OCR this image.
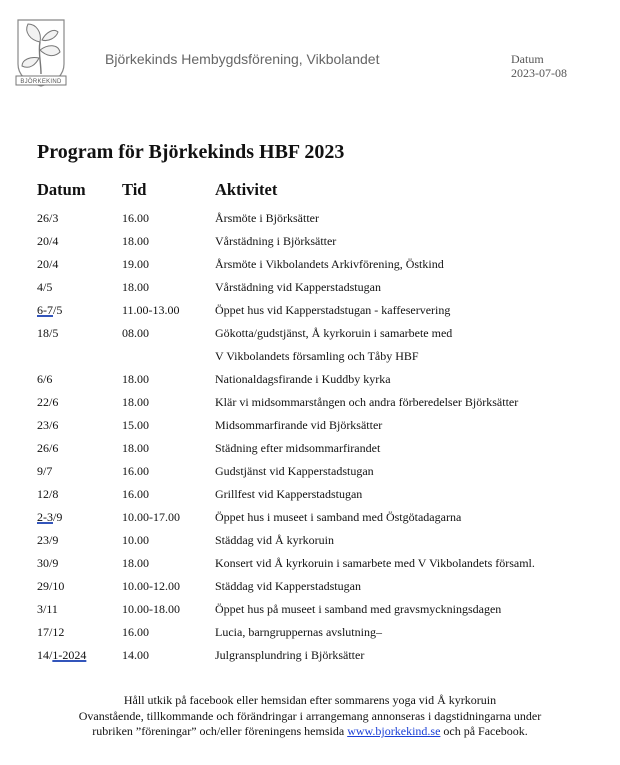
BJÖRKEKIND
Björkekinds Hembygdsförening, Vikbolandet	Datum
2023-07-08
Program för Björkekinds HBF 2023
Datum Tid	Aktivitet
26/3	16.00	Årsmöte i Björksätter
20/4	18.00	Vårstädning i Björksätter
20/4	19.00	Årsmöte i Vikbolandets Arkivförening, Östkind
4/5	18.00	Vårstädning vid Kapperstadstugan
6-7/5	11.00-13.00	Öppet hus vid Kapperstadstugan - kaffeservering
18/5	08.00	Gökotta/gudstjänst, Å kyrkoruin i samarbete med
V Vikbolandets församling och Tåby HBF
6/6	18.00	Nationaldagsfirande i Kuddby kyrka
22/6	18.00	Klär vi midsommarstången och andra förberedelser Björksätter
23/6	15.00	Midsommarfirande vid Björksätter
26/6	18.00	Städning efter midsommarfirandet
9/7	16.00	Gudstjänst vid Kapperstadstugan
12/8	16.00	Grillfest vid Kapperstadstugan
2-3/9	10.00-17.00	Öppet hus i museet i samband med Östgötadagarna
23/9	10.00	Städdag vid Å kyrkoruin
30/9	18.00	Konsert vid Å kyrkoruin i samarbete med V Vikbolandets församl.
29/10	10.00-12.00	Städdag vid Kapperstadstugan
3/11	10.00-18.00	Öppet hus på museet i samband med gravsmyckningsdagen
17/12	16.00	Lucia, barngruppernas avslutning–
14/1-2024	14.00	Julgransplundring i Björksätter
Håll utkik på facebook eller hemsidan efter sommarens yoga vid Å kyrkoruin
Ovanstående, tillkommande och förändringar i arrangemang annonseras i dagstidningarna under
rubriken ”föreningar” och/eller föreningens hemsida www.bjorkekind.se och på Facebook.
